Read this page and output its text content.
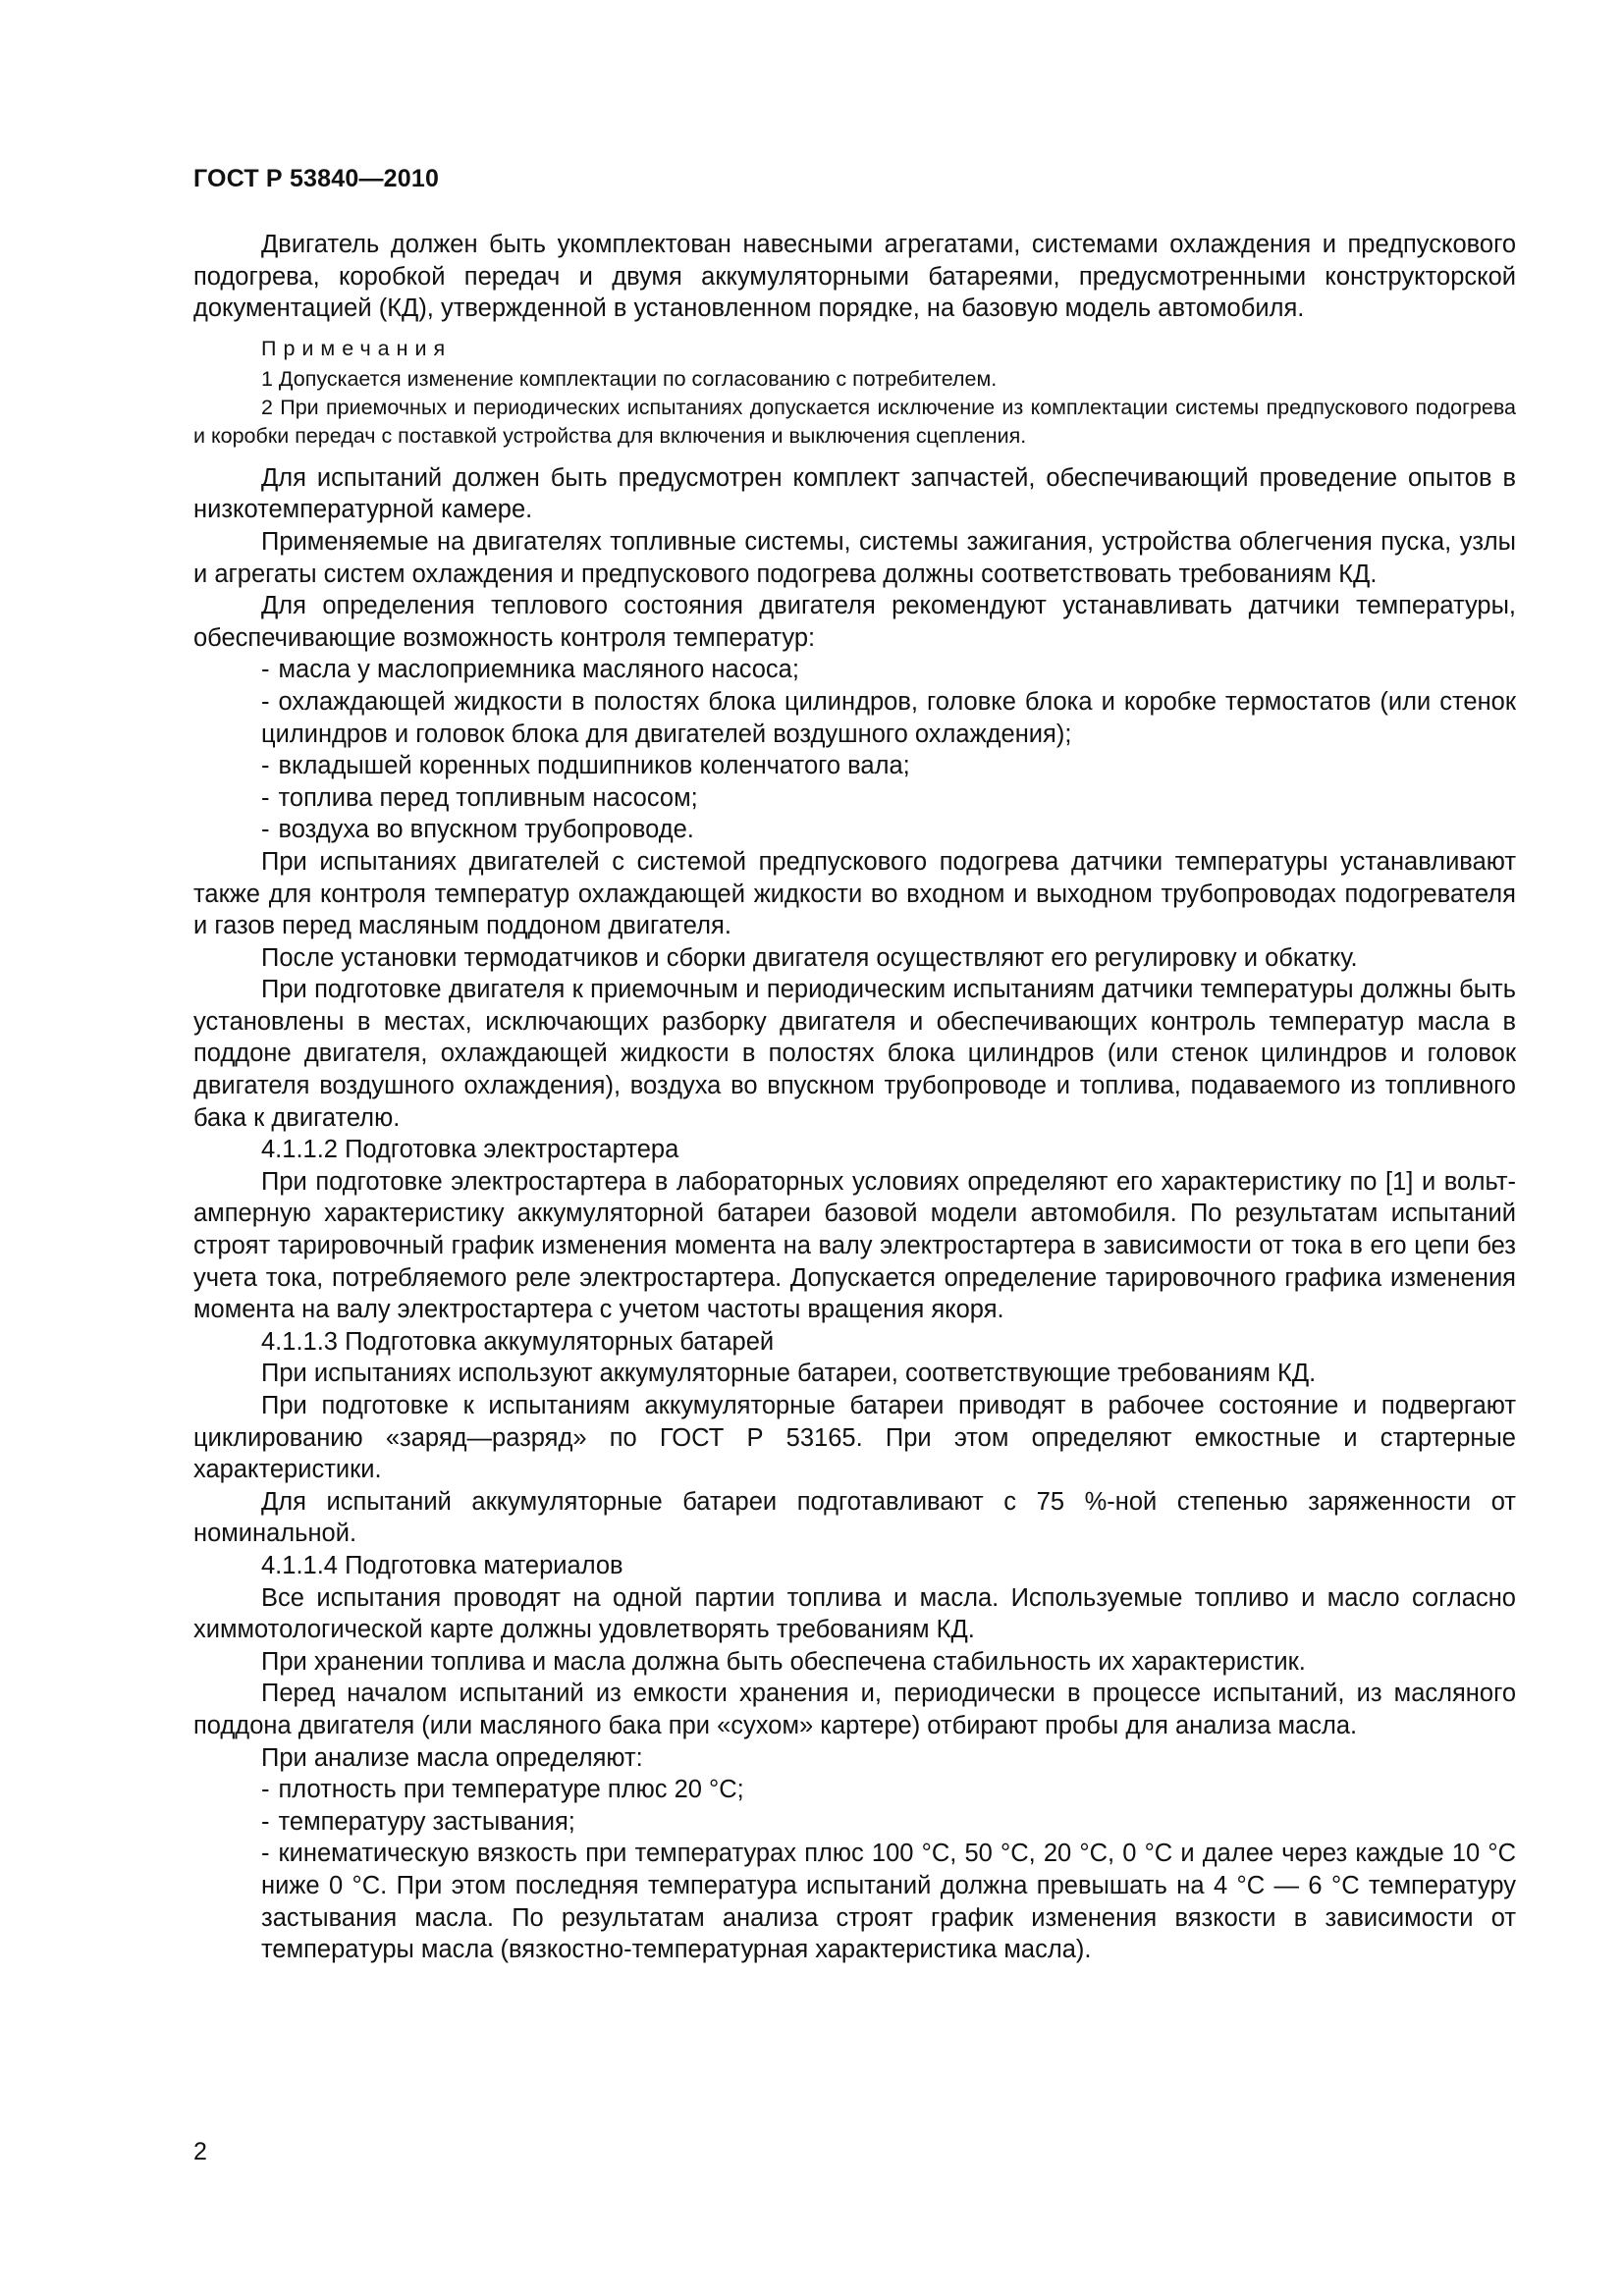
ГОСТ Р 53840—2010

Двигатель должен быть укомплектован навесными агрегатами, системами охлаждения и предпускового подогрева, коробкой передач и двумя аккумуляторными батареями, предусмотренными конструкторской документацией (КД), утвержденной в установленном порядке, на базовую модель автомобиля.

Примечания

1 Допускается изменение комплектации по согласованию с потребителем.

2 При приемочных и периодических испытаниях допускается исключение из комплектации системы предпускового подогрева и коробки передач с поставкой устройства для включения и выключения сцепления.

Для испытаний должен быть предусмотрен комплект запчастей, обеспечивающий проведение опытов в низкотемпературной камере.

Применяемые на двигателях топливные системы, системы зажигания, устройства облегчения пуска, узлы и агрегаты систем охлаждения и предпускового подогрева должны соответствовать требованиям КД.

Для определения теплового состояния двигателя рекомендуют устанавливать датчики температуры, обеспечивающие возможность контроля температур:

- масла у маслоприемника масляного насоса;

- охлаждающей жидкости в полостях блока цилиндров, головке блока и коробке термостатов (или стенок цилиндров и головок блока для двигателей воздушного охлаждения);

- вкладышей коренных подшипников коленчатого вала;

- топлива перед топливным насосом;

- воздуха во впускном трубопроводе.

При испытаниях двигателей с системой предпускового подогрева датчики температуры устанавливают также для контроля температур охлаждающей жидкости во входном и выходном трубопроводах подогревателя и газов перед масляным поддоном двигателя.

После установки термодатчиков и сборки двигателя осуществляют его регулировку и обкатку.

При подготовке двигателя к приемочным и периодическим испытаниям датчики температуры должны быть установлены в местах, исключающих разборку двигателя и обеспечивающих контроль температур масла в поддоне двигателя, охлаждающей жидкости в полостях блока цилиндров (или стенок цилиндров и головок двигателя воздушного охлаждения), воздуха во впускном трубопроводе и топлива, подаваемого из топливного бака к двигателю.

4.1.1.2 Подготовка электростартера

При подготовке электростартера в лабораторных условиях определяют его характеристику по [1] и вольт-амперную характеристику аккумуляторной батареи базовой модели автомобиля. По результатам испытаний строят тарировочный график изменения момента на валу электростартера в зависимости от тока в его цепи без учета тока, потребляемого реле электростартера. Допускается определение тарировочного графика изменения момента на валу электростартера с учетом частоты вращения якоря.

4.1.1.3 Подготовка аккумуляторных батарей

При испытаниях используют аккумуляторные батареи, соответствующие требованиям КД.

При подготовке к испытаниям аккумуляторные батареи приводят в рабочее состояние и подвергают циклированию «заряд—разряд» по ГОСТ Р 53165. При этом определяют емкостные и стартерные характеристики.

Для испытаний аккумуляторные батареи подготавливают с 75 %-ной степенью заряженности от номинальной.

4.1.1.4 Подготовка материалов

Все испытания проводят на одной партии топлива и масла. Используемые топливо и масло согласно химмотологической карте должны удовлетворять требованиям КД.

При хранении топлива и масла должна быть обеспечена стабильность их характеристик.

Перед началом испытаний из емкости хранения и, периодически в процессе испытаний, из масляного поддона двигателя (или масляного бака при «сухом» картере) отбирают пробы для анализа масла.

При анализе масла определяют:

- плотность при температуре плюс 20 °С;

- температуру застывания;

- кинематическую вязкость при температурах плюс 100 °С, 50 °С, 20 °С, 0 °С и далее через каждые 10 °С ниже 0 °С. При этом последняя температура испытаний должна превышать на 4 °С — 6 °С температуру застывания масла. По результатам анализа строят график изменения вязкости в зависимости от температуры масла (вязкостно-температурная характеристика масла).

2
